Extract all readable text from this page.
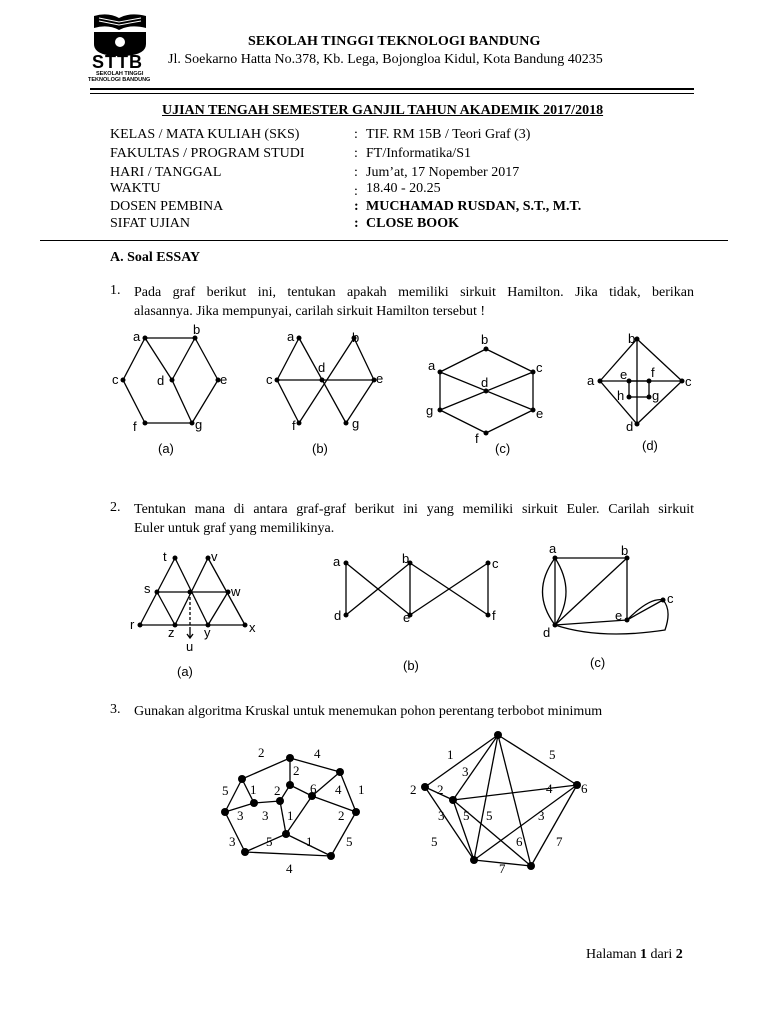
STTB
SEKOLAH TINGGI
TEKNOLOGI BANDUNG
SEKOLAH TINGGI TEKNOLOGI BANDUNG
Jl. Soekarno Hatta No.378, Kb. Lega, Bojongloa Kidul, Kota Bandung 40235
UJIAN TENGAH SEMESTER GANJIL TAHUN AKADEMIK 2017/2018
KELAS / MATA KULIAH (SKS)	: TIF. RM 15B / Teori Graf (3)
FAKULTAS / PROGRAM STUDI	: FT/Informatika/S1
HARI / TANGGAL	: Jum’at, 17 Nopember 2017
WAKTU	: 18.40 - 20.25
DOSEN PEMBINA	: MUCHAMAD RUSDAN, S.T., M.T.
SIFAT UJIAN	: CLOSE BOOK
A. Soal ESSAY
1. Pada graf berikut ini, tentukan apakah memiliki sirkuit Hamilton. Jika tidak, berikan
alasannya. Jika mempunyai, carilah sirkuit Hamilton tersebut !
a	b
c	d	e
f	g
(a)
a	b
c
d
e
f	g
(b)
a
b
c
d
e
f
g
(c)
a
b
c
d
e f
g
h
(d)
t	v
s	w
r
z y	x
u
(a)
a	b	c
d	e	f
(b)
a	b
c
d
e
(c)
2	4
5 1 2
2
6 4 1
3 3 1	2
3 5	1	5
4
1	5
3
2 2	4 6
3 5 5	3
5	6	7
7
2. Tentukan mana di antara graf-graf berikut ini yang memiliki sirkuit Euler. Carilah sirkuit
Euler untuk graf yang memilikinya.
3. Gunakan algoritma Kruskal untuk menemukan pohon perentang terbobot minimum
Halaman 1 dari 2
